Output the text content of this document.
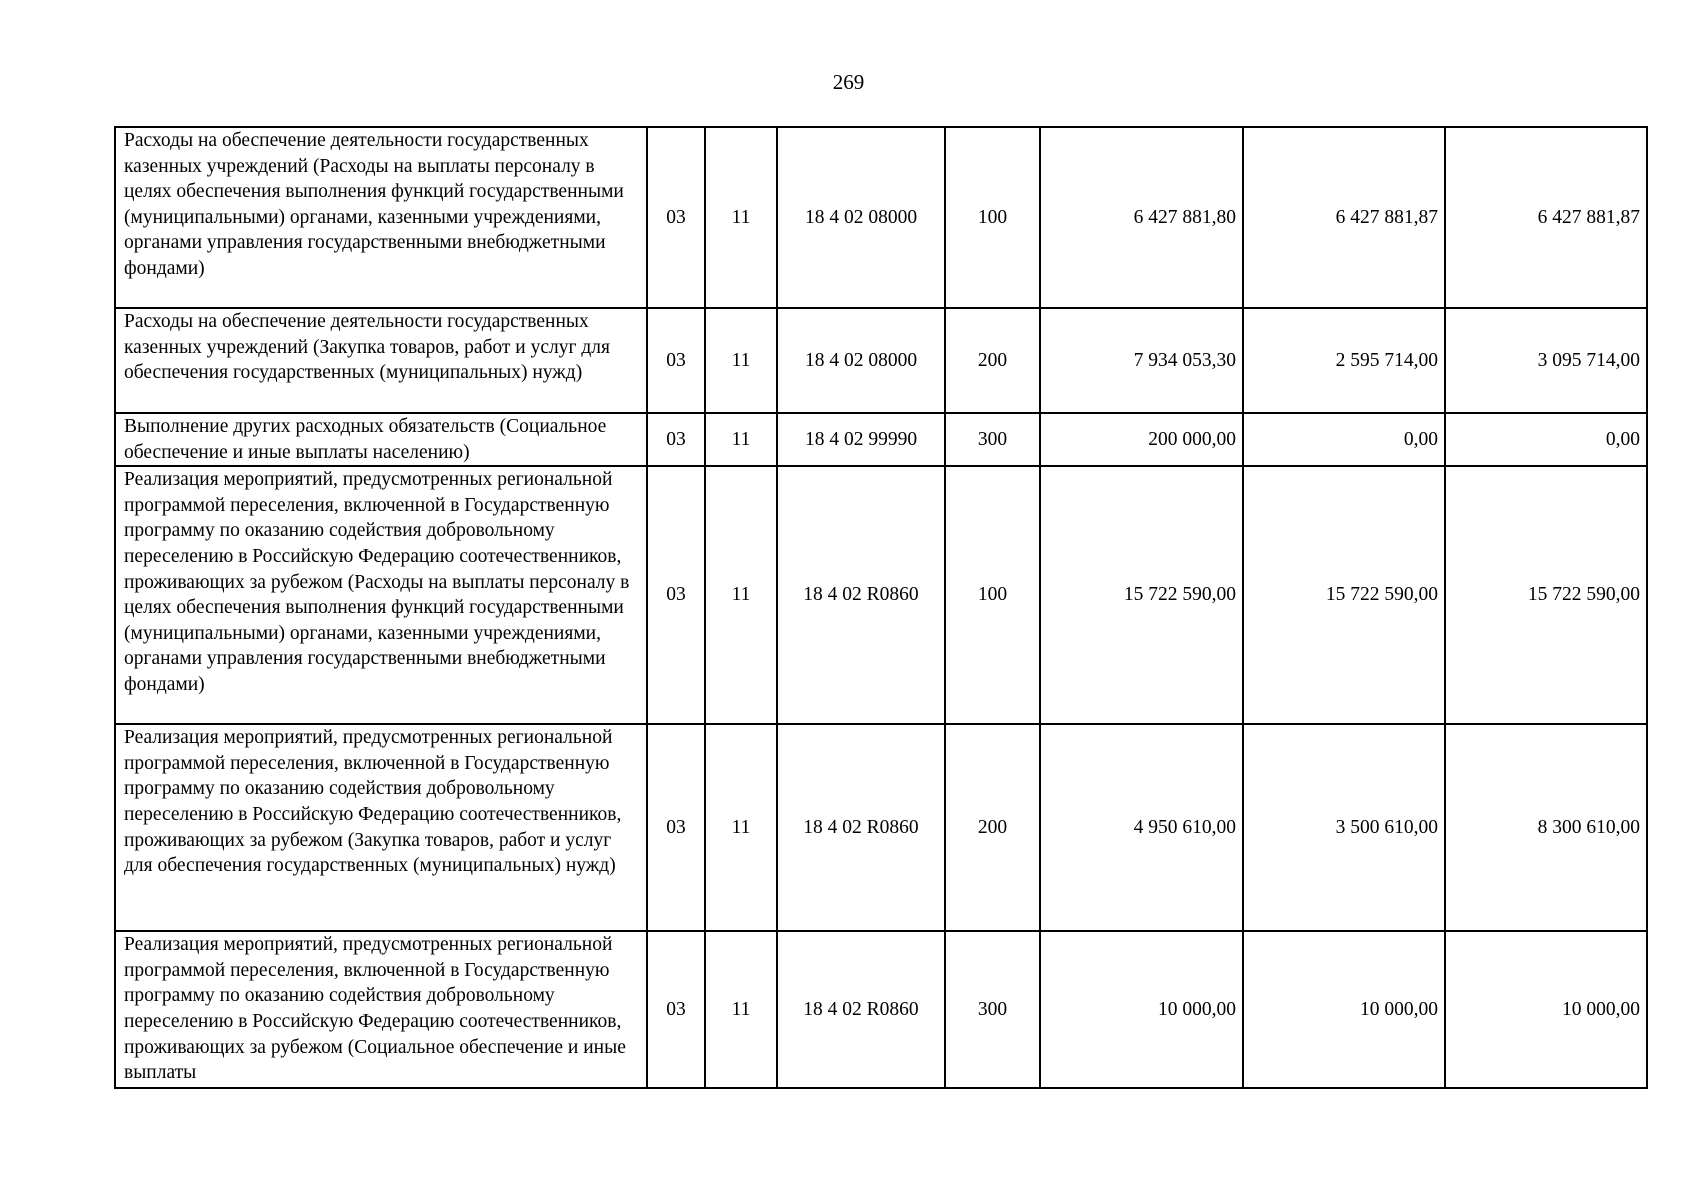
269
Расходы на обеспечение деятельности государственных казенных учреждений (Расходы на выплаты персоналу в целях обеспечения выполнения функций государственными (муниципальными) органами, казенными учреждениями, органами управления государственными внебюджетными фондами)	03	11	18 4 02 08000	100	6 427 881,80	6 427 881,87	6 427 881,87
Расходы на обеспечение деятельности государственных казенных учреждений (Закупка товаров, работ и услуг для обеспечения государственных (муниципальных) нужд)	03	11	18 4 02 08000	200	7 934 053,30	2 595 714,00	3 095 714,00
Выполнение других расходных обязательств (Социальное обеспечение и иные выплаты населению)	03	11	18 4 02 99990	300	200 000,00	0,00	0,00
Реализация мероприятий, предусмотренных региональной программой переселения, включенной в Государственную программу по оказанию содействия добровольному переселению в Российскую Федерацию соотечественников, проживающих за рубежом (Расходы на выплаты персоналу в целях обеспечения выполнения функций государственными (муниципальными) органами, казенными учреждениями, органами управления государственными внебюджетными фондами)	03	11	18 4 02 R0860	100	15 722 590,00	15 722 590,00	15 722 590,00
Реализация мероприятий, предусмотренных региональной программой переселения, включенной в Государственную программу по оказанию содействия добровольному переселению в Российскую Федерацию соотечественников, проживающих за рубежом (Закупка товаров, работ и услуг для обеспечения государственных (муниципальных) нужд)	03	11	18 4 02 R0860	200	4 950 610,00	3 500 610,00	8 300 610,00
Реализация мероприятий, предусмотренных региональной программой переселения, включенной в Государственную программу по оказанию содействия добровольному переселению в Российскую Федерацию соотечественников, проживающих за рубежом (Социальное обеспечение и иные выплаты	03	11	18 4 02 R0860	300	10 000,00	10 000,00	10 000,00
